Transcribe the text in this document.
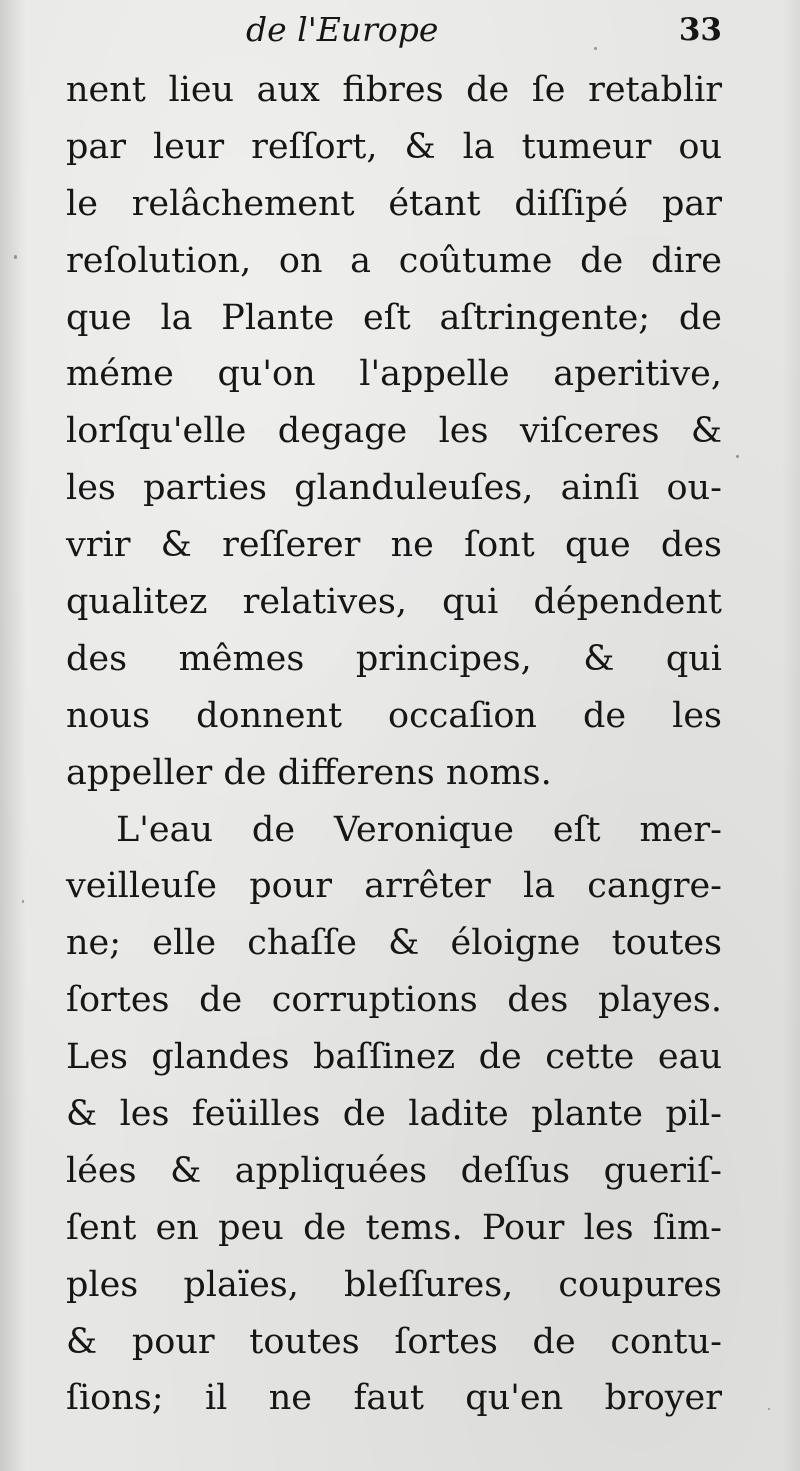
de l'Europe	33
nent lieu aux fibres de ſe retablir
par leur reſſort, & la tumeur ou
le relâchement étant diſſipé par
reſolution, on a coûtume de dire
que la Plante eſt aſtringente; de
méme qu'on l'appelle aperitive,
lorſqu'elle degage les viſceres &
les parties glanduleuſes, ainſi ou-
vrir & reſſerer ne ſont que des
qualitez relatives, qui dépendent
des mêmes principes, & qui
nous donnent occaſion de les
appeller de differens noms.
L'eau de Veronique eſt mer-
veilleuſe pour arrêter la cangre-
ne; elle chaſſe & éloigne toutes
ſortes de corruptions des playes.
Les glandes baſſinez de cette eau
& les feüilles de ladite plante pil-
lées & appliquées deſſus gueriſ-
ſent en peu de tems. Pour les ſim-
ples plaïes, bleſſures, coupures
& pour toutes ſortes de contu-
ſions; il ne faut qu'en broyer
